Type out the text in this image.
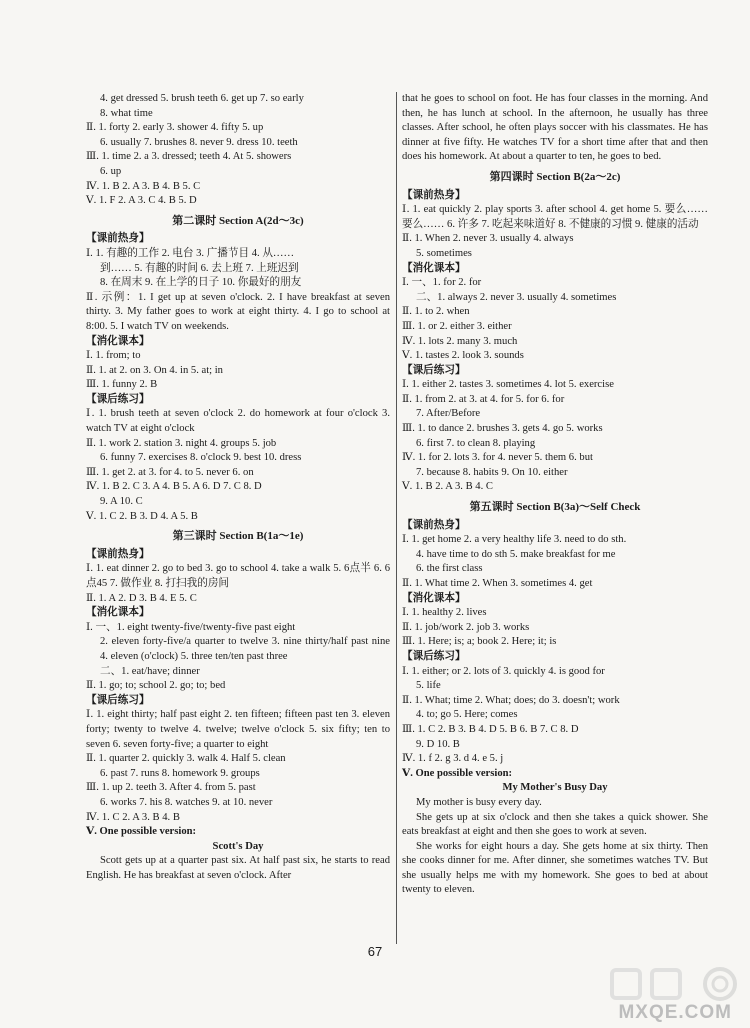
4. get dressed 5. brush teeth 6. get up 7. so early
8. what time
Ⅱ. 1. forty 2. early 3. shower 4. fifty 5. up
6. usually 7. brushes 8. never 9. dress 10. teeth
Ⅲ. 1. time 2. a 3. dressed; teeth 4. At 5. showers
6. up
Ⅳ. 1. B 2. A 3. B 4. B 5. C
Ⅴ. 1. F 2. A 3. C 4. B 5. D
第二课时 Section A(2d～3c)
【课前热身】
Ⅰ. 1. 有趣的工作 2. 电台 3. 广播节目 4. 从……
到…… 5. 有趣的时间 6. 去上班 7. 上班迟到
8. 在周末 9. 在上学的日子 10. 你最好的朋友
Ⅱ. 示例：1. I get up at seven o'clock. 2. I have breakfast at seven thirty. 3. My father goes to work at eight thirty. 4. I go to school at 8:00. 5. I watch TV on weekends.
【消化课本】
Ⅰ. 1. from; to
Ⅱ. 1. at 2. on 3. On 4. in 5. at; in
Ⅲ. 1. funny 2. B
【课后练习】
Ⅰ. 1. brush teeth at seven o'clock 2. do homework at four o'clock 3. watch TV at eight o'clock
Ⅱ. 1. work 2. station 3. night 4. groups 5. job
6. funny 7. exercises 8. o'clock 9. best 10. dress
Ⅲ. 1. get 2. at 3. for 4. to 5. never 6. on
Ⅳ. 1. B 2. C 3. A 4. B 5. A 6. D 7. C 8. D
9. A 10. C
Ⅴ. 1. C 2. B 3. D 4. A 5. B
第三课时 Section B(1a～1e)
【课前热身】
Ⅰ. 1. eat dinner 2. go to bed 3. go to school 4. take a walk 5. 6点半 6. 6点45 7. 做作业 8. 打扫我的房间
Ⅱ. 1. A 2. D 3. B 4. E 5. C
【消化课本】
Ⅰ. 一、1. eight twenty-five/twenty-five past eight
2. eleven forty-five/a quarter to twelve 3. nine thirty/half past nine 4. eleven (o'clock) 5. three ten/ten past three
二、1. eat/have; dinner
Ⅱ. 1. go; to; school 2. go; to; bed
【课后练习】
Ⅰ. 1. eight thirty; half past eight 2. ten fifteen; fifteen past ten 3. eleven forty; twenty to twelve 4. twelve; twelve o'clock 5. six fifty; ten to seven 6. seven forty-five; a quarter to eight
Ⅱ. 1. quarter 2. quickly 3. walk 4. Half 5. clean
6. past 7. runs 8. homework 9. groups
Ⅲ. 1. up 2. teeth 3. After 4. from 5. past
6. works 7. his 8. watches 9. at 10. never
Ⅳ. 1. C 2. A 3. B 4. B
Ⅴ. One possible version:
Scott's Day
Scott gets up at a quarter past six. At half past six, he starts to read English. He has breakfast at seven o'clock. After
that he goes to school on foot. He has four classes in the morning. And then, he has lunch at school. In the afternoon, he usually has three classes. After school, he often plays soccer with his classmates. He has dinner at five fifty. He watches TV for a short time after that and then does his homework. At about a quarter to ten, he goes to bed.
第四课时 Section B(2a～2c)
【课前热身】
Ⅰ. 1. eat quickly 2. play sports 3. after school 4. get home 5. 要么……要么…… 6. 许多 7. 吃起来味道好 8. 不健康的习惯 9. 健康的活动
Ⅱ. 1. When 2. never 3. usually 4. always
5. sometimes
【消化课本】
Ⅰ. 一、1. for 2. for
二、1. always 2. never 3. usually 4. sometimes
Ⅱ. 1. to 2. when
Ⅲ. 1. or 2. either 3. either
Ⅳ. 1. lots 2. many 3. much
Ⅴ. 1. tastes 2. look 3. sounds
【课后练习】
Ⅰ. 1. either 2. tastes 3. sometimes 4. lot 5. exercise
Ⅱ. 1. from 2. at 3. at 4. for 5. for 6. for
7. After/Before
Ⅲ. 1. to dance 2. brushes 3. gets 4. go 5. works
6. first 7. to clean 8. playing
Ⅳ. 1. for 2. lots 3. for 4. never 5. them 6. but
7. because 8. habits 9. On 10. either
Ⅴ. 1. B 2. A 3. B 4. C
第五课时 Section B(3a)～Self Check
【课前热身】
Ⅰ. 1. get home 2. a very healthy life 3. need to do sth.
4. have time to do sth 5. make breakfast for me
6. the first class
Ⅱ. 1. What time 2. When 3. sometimes 4. get
【消化课本】
Ⅰ. 1. healthy 2. lives
Ⅱ. 1. job/work 2. job 3. works
Ⅲ. 1. Here; is; a; book 2. Here; it; is
【课后练习】
Ⅰ. 1. either; or 2. lots of 3. quickly 4. is good for
5. life
Ⅱ. 1. What; time 2. What; does; do 3. doesn't; work
4. to; go 5. Here; comes
Ⅲ. 1. C 2. B 3. B 4. D 5. B 6. B 7. C 8. D
9. D 10. B
Ⅳ. 1. f 2. g 3. d 4. e 5. j
Ⅴ. One possible version:
My Mother's Busy Day
My mother is busy every day.
She gets up at six o'clock and then she takes a quick shower. She eats breakfast at eight and then she goes to work at seven.
She works for eight hours a day. She gets home at six thirty. Then she cooks dinner for me. After dinner, she sometimes watches TV. But she usually helps me with my homework. She goes to bed at about twenty to eleven.
67
MXQE.COM
